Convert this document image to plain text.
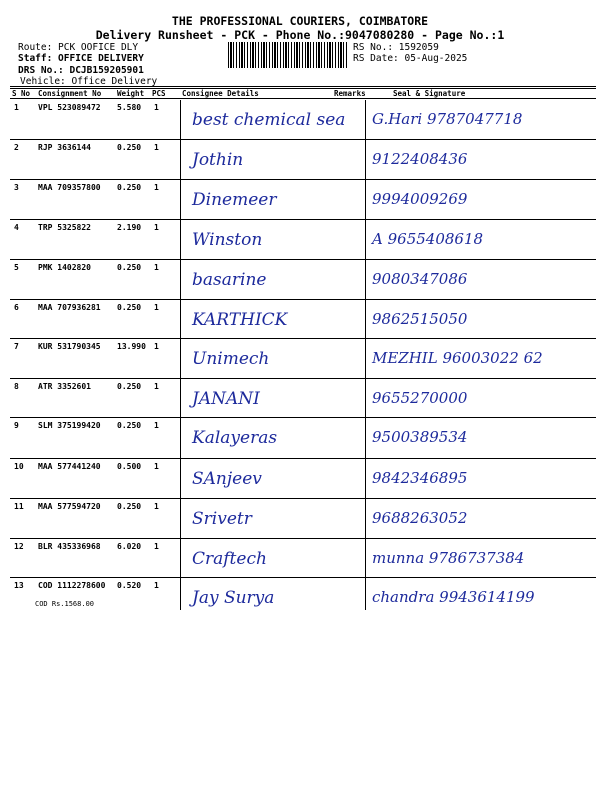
THE PROFESSIONAL COURIERS, COIMBATORE
Delivery Runsheet - PCK - Phone No.:9047080280 - Page No.:1
Route: PCK OOFICE DLY
Staff: OFFICE DELIVERY
DRS No.: DCJB159205901
Vehicle: Office Delivery
RS No.: 1592059
RS Date: 05-Aug-2025
S No Consignment No Weight PCS Consignee Details	Remarks	Seal & Signature
1 VPL 523089472 5.580 1
best chemical sea G.Hari 9787047718
2 RJP 3636144	0.250 1
Jothin	9122408436
3 MAA 709357800 0.250 1
Dinemeer	9994009269
4 TRP 5325822	2.190 1
Winston	A 9655408618
5 PMK 1402820	0.250 1
basarine	9080347086
6 MAA 707936281 0.250 1
KARTHICK	9862515050
7 KUR 531790345 13.990 1
Unimech	MEZHIL 96003022 62
8 ATR 3352601	0.250 1
JANANI	9655270000
9 SLM 375199420 0.250 1
Kalayeras	9500389534
10 MAA 577441240 0.500 1
SAnjeev	9842346895
11 MAA 577594720 0.250 1
Srivetr	9688263052
12 BLR 435336968 6.020 1
Craftech	munna 9786737384
13 COD 1112278600 0.520 1
Jay Surya	chandra 9943614199
COD Rs.1568.00
